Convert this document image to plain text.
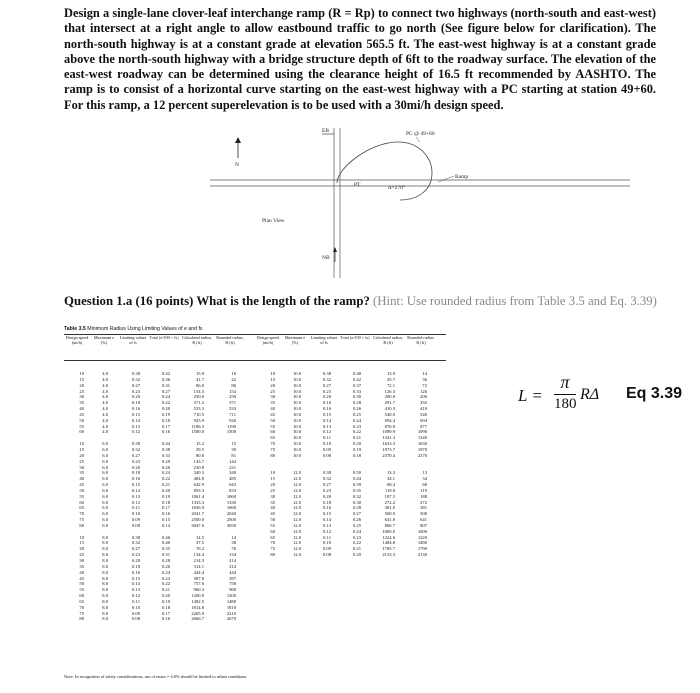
Design a single-lane clover-leaf interchange ramp (R = Rp) to connect two highways (north-south and east-west) that intersect at a right angle to allow eastbound traffic to go north (See figure below for clarification). The north-south highway is at a constant grade at elevation 565.5 ft. The east-west highway is at a constant grade above the north-south highway with a bridge structure depth of 6ft to the roadway surface. The elevation of the east-west roadway can be determined using the clearance height of 16.5 ft recommended by AASHTO. The ramp is to consist of a horizontal curve starting on the east-west highway with a PC starting at station 49+60. For this ramp, a 12 percent superelevation is to be used with a 30mi/h design speed.
N
EB	PC @ 49+60
PT	Δ=270°
Ramp
Plan View
NB
Question 1.a (16 points) What is the length of the ramp? (Hint: Use rounded radius from Table 3.5 and Eq. 3.39)
Table 3.5 Minimum Radius Using Limiting Values of e and fs
Design speed (mi/h)
Maximum e (%)
Limiting values of fs
Total (e/100 + fs) Calculated radius, R (ft)
Rounded radius, R (ft)
Design speed (mi/h)
Maximum e (%)
Limiting values of fs
Total (e/100 + fs) Calculated radius, R (ft)
Rounded radius, R (ft)
10
15
20
25
30
35
40
45
50
55
60

10
15
20
25
30
35
40
45
50
55
60
65
70
75
80

10
15
20
25
30
35
40
45
50
55
60
65
70
75
80
4.0
4.0
4.0
4.0
4.0
4.0
4.0
4.0
4.0
4.0
4.0

6.0
6.0
6.0
6.0
6.0
6.0
6.0
6.0
6.0
6.0
6.0
6.0
6.0
6.0
6.0

8.0
8.0
8.0
8.0
8.0
8.0
8.0
8.0
8.0
8.0
8.0
8.0
8.0
8.0
8.0
0.38
0.32
0.27
0.23
0.20
0.18
0.16
0.15
0.14
0.13
0.12

0.38
0.32
0.27
0.23
0.20
0.18
0.16
0.15
0.14
0.13
0.12
0.11
0.10
0.09
0.08

0.38
0.32
0.27
0.23
0.20
0.18
0.16
0.15
0.14
0.13
0.12
0.11
0.10
0.09
0.08
0.42
0.36
0.31
0.27
0.24
0.22
0.20
0.19
0.18
0.17
0.16

0.44
0.38
0.33
0.29
0.26
0.24
0.22
0.21
0.20
0.19
0.18
0.17
0.16
0.15
0.14

0.46
0.40
0.35
0.31
0.28
0.26
0.24
0.23
0.22
0.21
0.20
0.19
0.18
0.17
0.16
15.9
41.7
86.0
154.3
250.0
371.2
533.3
710.5
925.9
1186.3
1500.0

15.2
39.5
80.8
143.7
230.8
340.3
484.8
642.9
833.3
1061.4
1333.3
1656.9
2041.7
2500.0
3047.6

14.5
37.5
76.2
134.4
214.3
314.1
444.4
587.0
757.6
960.3
1200.0
1482.5
1814.8
2205.9
2666.7
16
42
86
154
250
371
533
711
926
1190
1500

15
39
81
144
231
340
485
643
833
1060
1330
1660
2040
2500
3050

14
38
76
134
214
314
444
587
758
960
1200
1480
1810
2210
2670
10
15
20
25
30
35
40
45
50
55
60
65
70
75
80

10
15
20
25
30
35
40
45
50
55
60
65
70
75
80
10.0
10.0
10.0
10.0
10.0
10.0
10.0
10.0
10.0
10.0
10.0
10.0
10.0
10.0
10.0

12.0
12.0
12.0
12.0
12.0
12.0
12.0
12.0
12.0
12.0
12.0
12.0
12.0
12.0
12.0
0.38
0.32
0.27
0.23
0.20
0.18
0.16
0.15
0.14
0.13
0.12
0.11
0.10
0.09
0.08

0.38
0.32
0.27
0.23
0.20
0.18
0.16
0.15
0.14
0.13
0.12
0.11
0.10
0.09
0.08
0.48
0.42
0.37
0.33
0.30
0.28
0.26
0.25
0.24
0.23
0.22
0.21
0.20
0.19
0.18

0.50
0.44
0.39
0.35
0.32
0.30
0.28
0.27
0.26
0.25
0.24
0.23
0.22
0.21
0.20
13.9
35.7
72.1
126.3
200.0
291.7
410.3
540.0
694.4
876.8
1090.9
1341.3
1633.3
1973.7
2370.4

13.3
34.1
68.4
119.0
187.5
272.2
381.0
500.0
641.0
806.7
1000.0
1224.6
1484.8
1785.7
2133.3
14
36
72
126
200
292
410
540
694
877
1090
1340
1630
1970
2370

13
34
68
119
188
272
381
500
641
807
1000
1220
1480
1790
2130
Note: In recognition of safety considerations, use of emax = 4.0% should be limited to urban conditions.
L =
π
180
RΔ Eq 3.39
